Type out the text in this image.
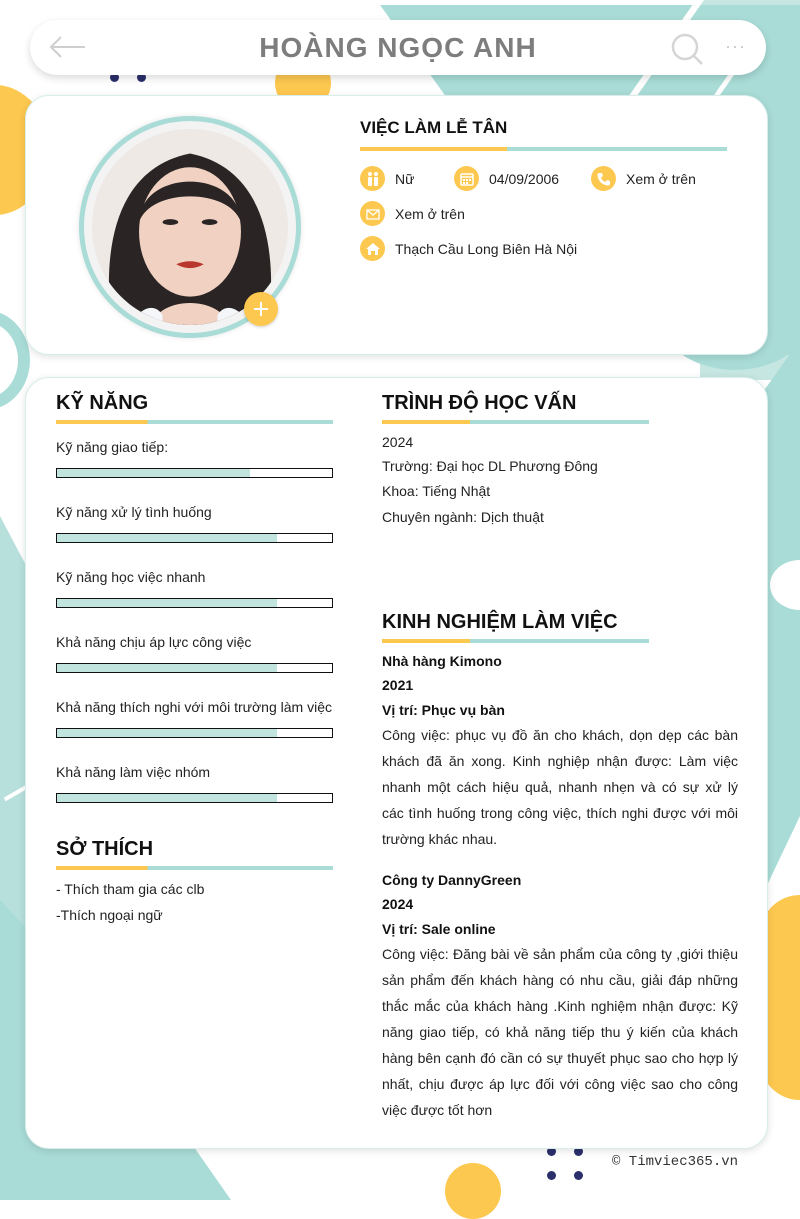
HOÀNG NGỌC ANH	···
VIỆC LÀM LỄ TÂN
Nữ	04/09/2006	Xem ở trên
Xem ở trên
Thạch Cầu Long Biên Hà Nội
KỸ NĂNG
Kỹ năng giao tiếp:
Kỹ năng xử lý tình huống
Kỹ năng học việc nhanh
Khả năng chịu áp lực công việc
Khả năng thích nghi với môi trường làm việc
Khả năng làm việc nhóm
SỞ THÍCH
- Thích tham gia các clb
-Thích ngoại ngữ
TRÌNH ĐỘ HỌC VẤN
2024
Trường: Đại học DL Phương Đông
Khoa: Tiếng Nhật
Chuyên ngành: Dịch thuật
KINH NGHIỆM LÀM VIỆC
Nhà hàng Kimono
2021
Vị trí: Phục vụ bàn
Công việc: phục vụ đồ ăn cho khách, dọn dẹp các bàn khách đã ăn xong. Kinh nghiệp nhận được: Làm việc nhanh một cách hiệu quả, nhanh nhẹn và có sự xử lý các tình huống trong công việc, thích nghi được với môi trường khác nhau.
Công ty DannyGreen
2024
Vị trí: Sale online
Công việc: Đăng bài về sản phẩm của công ty ,giới thiệu sản phẩm đến khách hàng có nhu cầu, giải đáp những thắc mắc của khách hàng .Kinh nghiệm nhận được: Kỹ năng giao tiếp, có khả năng tiếp thu ý kiến của khách hàng bên cạnh đó cần có sự thuyết phục sao cho hợp lý nhất, chịu được áp lực đối với công việc sao cho công việc được tốt hơn
© Timviec365.vn
